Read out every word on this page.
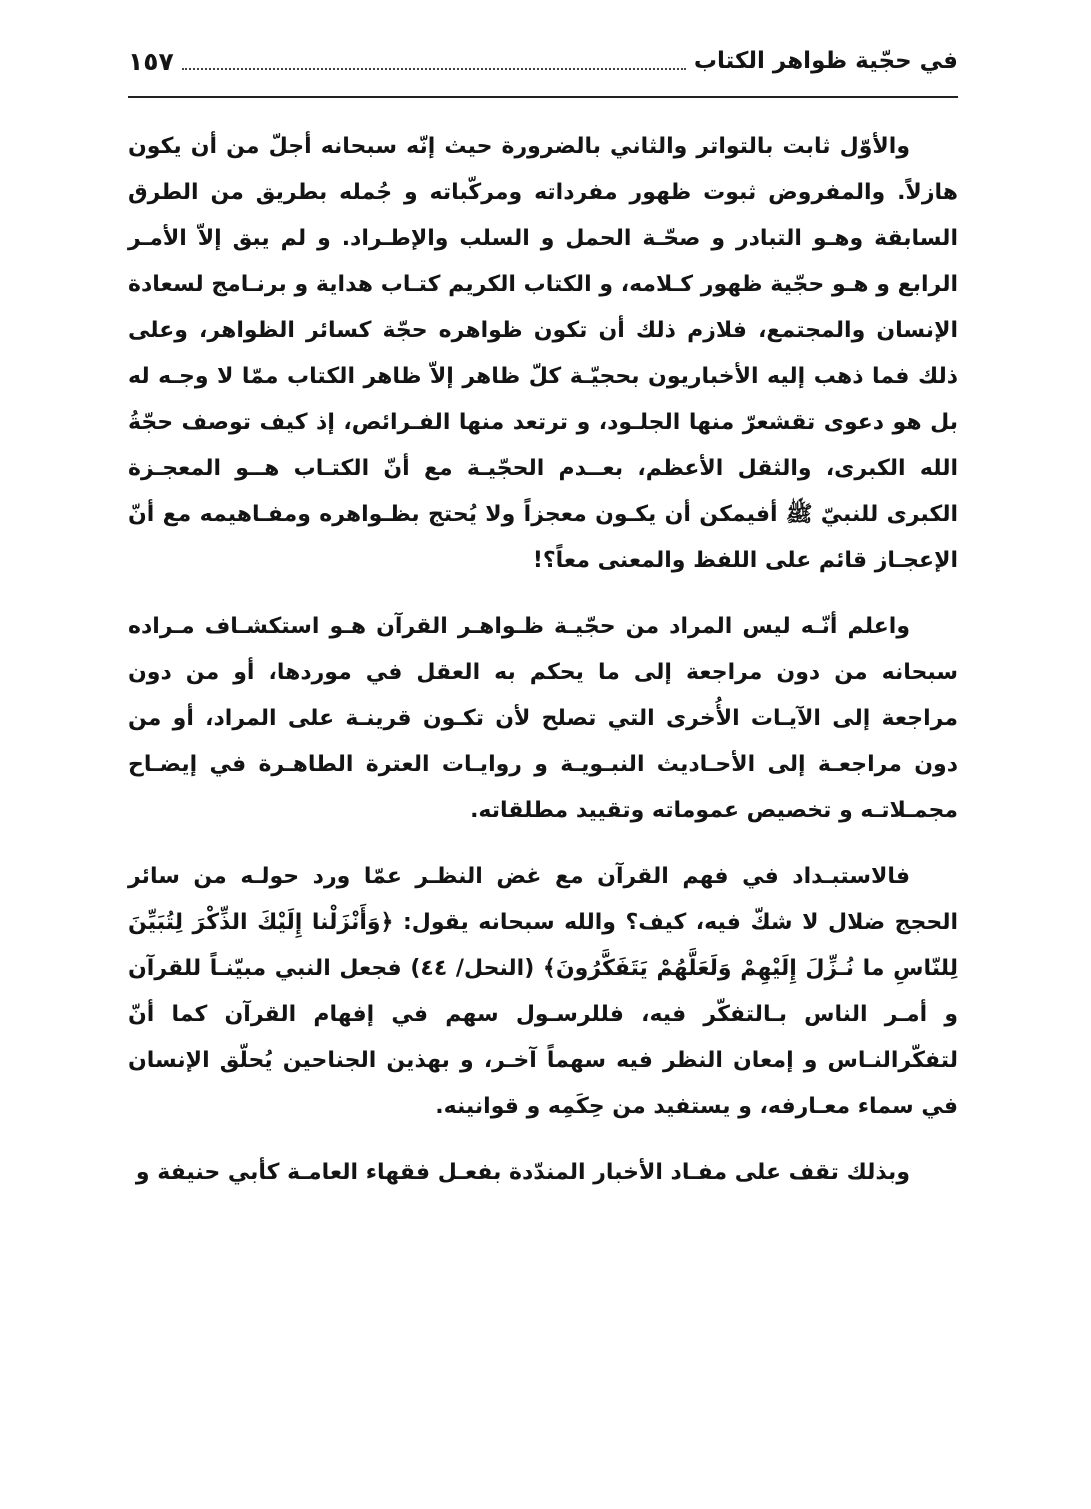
في حجّية ظواهر الكتاب
١٥٧

والأوّل ثابت بالتواتر والثاني بالضرورة حيث إنّه سبحانه أجلّ من أن يكون هازلاً. والمفروض ثبوت ظهور مفرداته ومركّباته و جُمله بطريق من الطرق السابقة وهـو التبادر و صحّـة الحمل و السلب والإطـراد. و لم يبق إلاّ الأمـر الرابع و هـو حجّية ظهور كـلامه، و الكتاب الكريم كتـاب هداية و برنـامج لسعادة الإنسان والمجتمع، فلازم ذلك أن تكون ظواهره حجّة كسائر الظواهر، وعلى ذلك فما ذهب إليه الأخباريون بحجيّـة كلّ ظاهر إلاّ ظاهر الكتاب ممّا لا وجـه له بل هو دعوى تقشعرّ منها الجلـود، و ترتعد منها الفـرائص، إذ كيف توصف حجّةُ الله الكبرى، والثقل الأعظم، بعــدم الحجّيـة مع أنّ الكتـاب هــو المعجـزة الكبرى للنبيّ ﷺ أفيمكن أن يكـون معجزاً ولا يُحتج بظـواهره ومفـاهيمه مع أنّ الإعجـاز قائم على اللفظ والمعنى معاً؟!

واعلم أنّـه ليس المراد من حجّيـة ظـواهـر القرآن هـو استكشـاف مـراده سبحانه من دون مراجعة إلى ما يحكم به العقل في موردها، أو من دون مراجعة إلى الآيـات الأُخرى التي تصلح لأن تكـون قرينـة على المراد، أو من دون مراجعـة إلى الأحـاديث النبـويـة و روايـات العترة الطاهـرة في إيضـاح مجمـلاتـه و تخصيص عموماته وتقييد مطلقاته.

فالاستبـداد في فهم القرآن مع غض النظـر عمّا ورد حولـه من سائر الحجج ضلال لا شكّ فيه، كيف؟ والله سبحانه يقول: ﴿وَأَنْزَلْنا إِلَيْكَ الذِّكْرَ لِتُبَيِّنَ لِلنّاسِ ما نُـزِّلَ إِلَيْهِمْ وَلَعَلَّهُمْ يَتَفَكَّرُونَ﴾ (النحل/ ٤٤) فجعل النبي مبيّنـاً للقرآن و أمـر الناس بـالتفكّر فيه، فللرسـول سهم في إفهام القرآن كما أنّ لتفكّرالنـاس و إمعان النظر فيه سهماً آخـر، و بهذين الجناحين يُحلّق الإنسان في سماء معـارفه، و يستفيد من حِكَمِه و قوانينه.

وبذلك تقف على مفـاد الأخبار المندّدة بفعـل فقهاء العامـة كأبي حنيفة و
